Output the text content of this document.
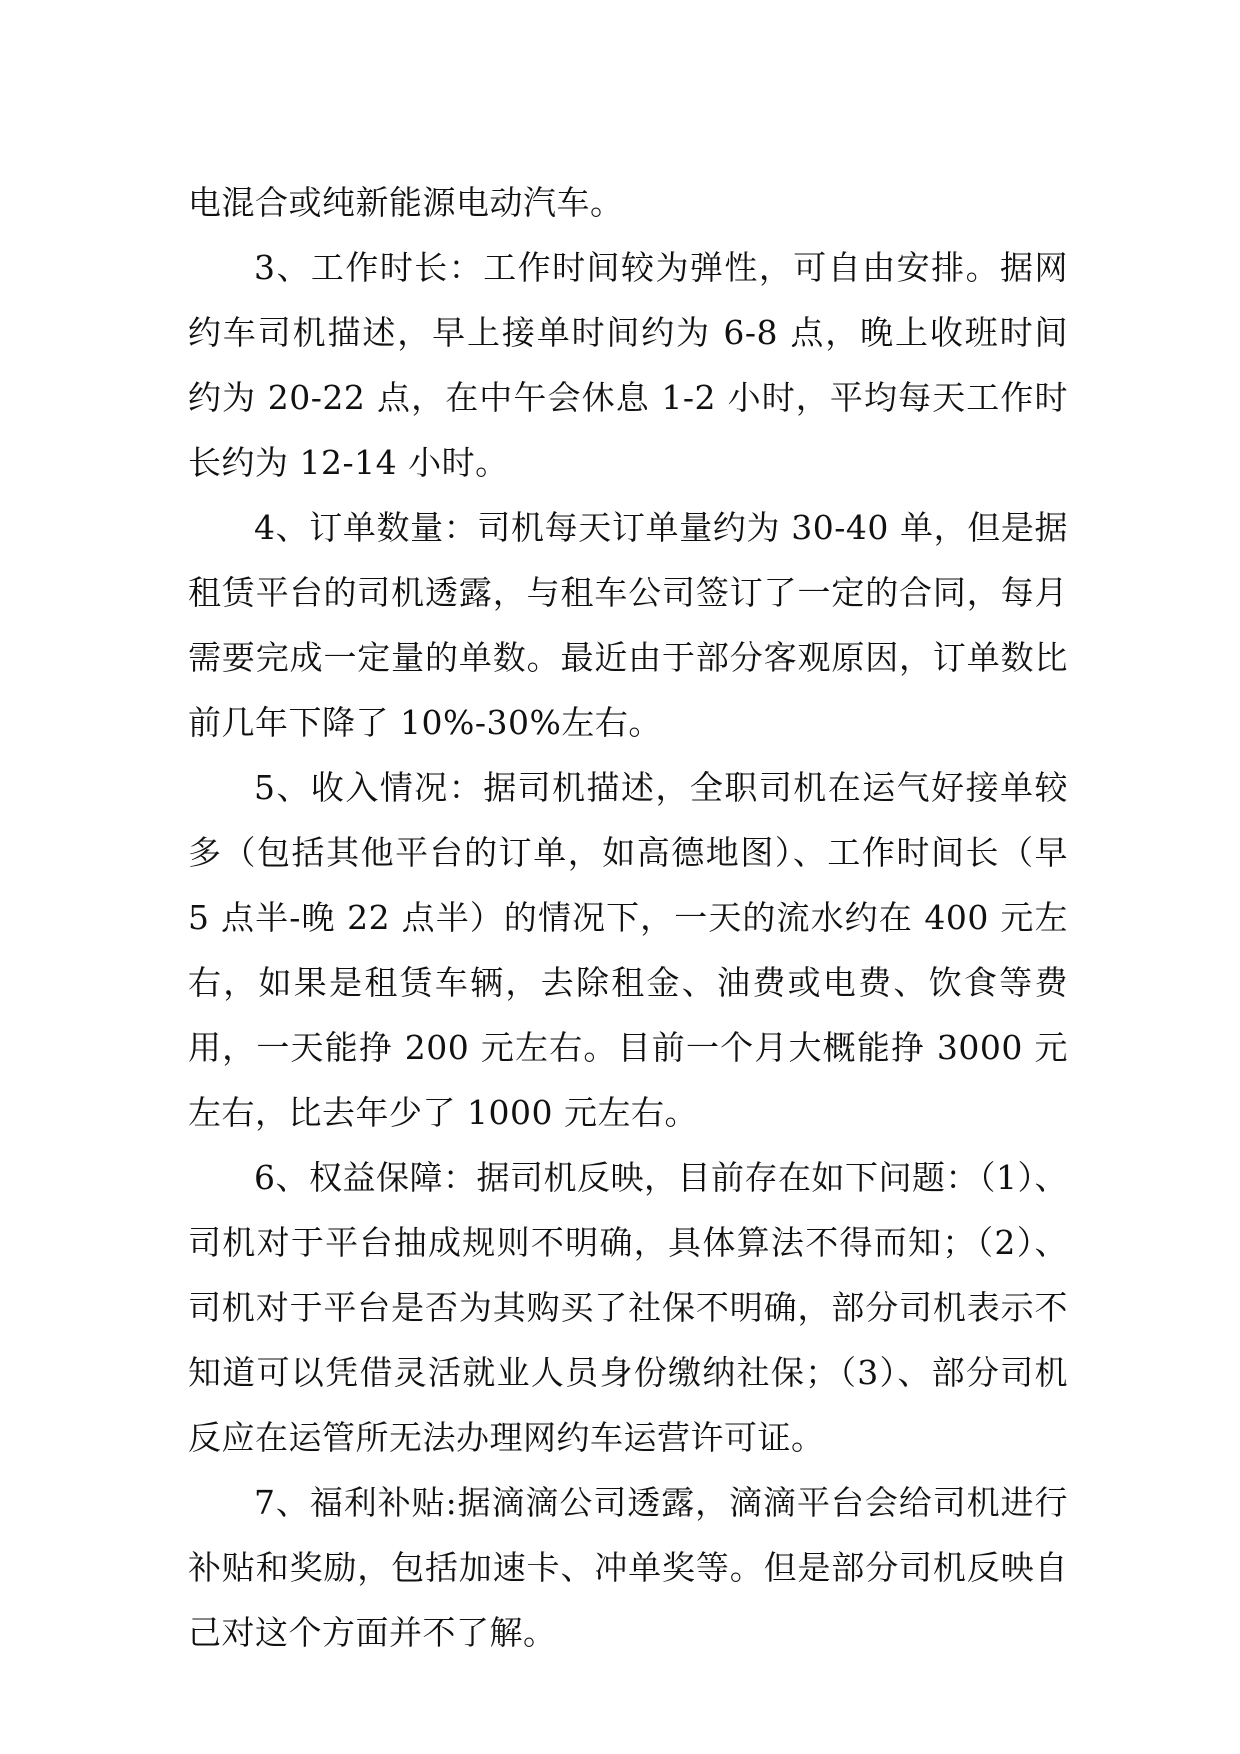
电混合或纯新能源电动汽车。

3、工作时长：工作时间较为弹性，可自由安排。据网约车司机描述，早上接单时间约为 6-8 点，晚上收班时间约为 20-22 点，在中午会休息 1-2 小时，平均每天工作时长约为 12-14 小时。

4、订单数量：司机每天订单量约为 30-40 单，但是据租赁平台的司机透露，与租车公司签订了一定的合同，每月需要完成一定量的单数。最近由于部分客观原因，订单数比前几年下降了 10%-30%左右。

5、收入情况：据司机描述，全职司机在运气好接单较多（包括其他平台的订单，如高德地图）、工作时间长（早 5 点半-晚 22 点半）的情况下，一天的流水约在 400 元左右，如果是租赁车辆，去除租金、油费或电费、饮食等费用，一天能挣 200 元左右。目前一个月大概能挣 3000 元左右，比去年少了 1000 元左右。

6、权益保障：据司机反映，目前存在如下问题：（1）、司机对于平台抽成规则不明确，具体算法不得而知；（2）、司机对于平台是否为其购买了社保不明确，部分司机表示不知道可以凭借灵活就业人员身份缴纳社保；（3）、部分司机反应在运管所无法办理网约车运营许可证。

7、福利补贴:据滴滴公司透露，滴滴平台会给司机进行补贴和奖励，包括加速卡、冲单奖等。但是部分司机反映自己对这个方面并不了解。
